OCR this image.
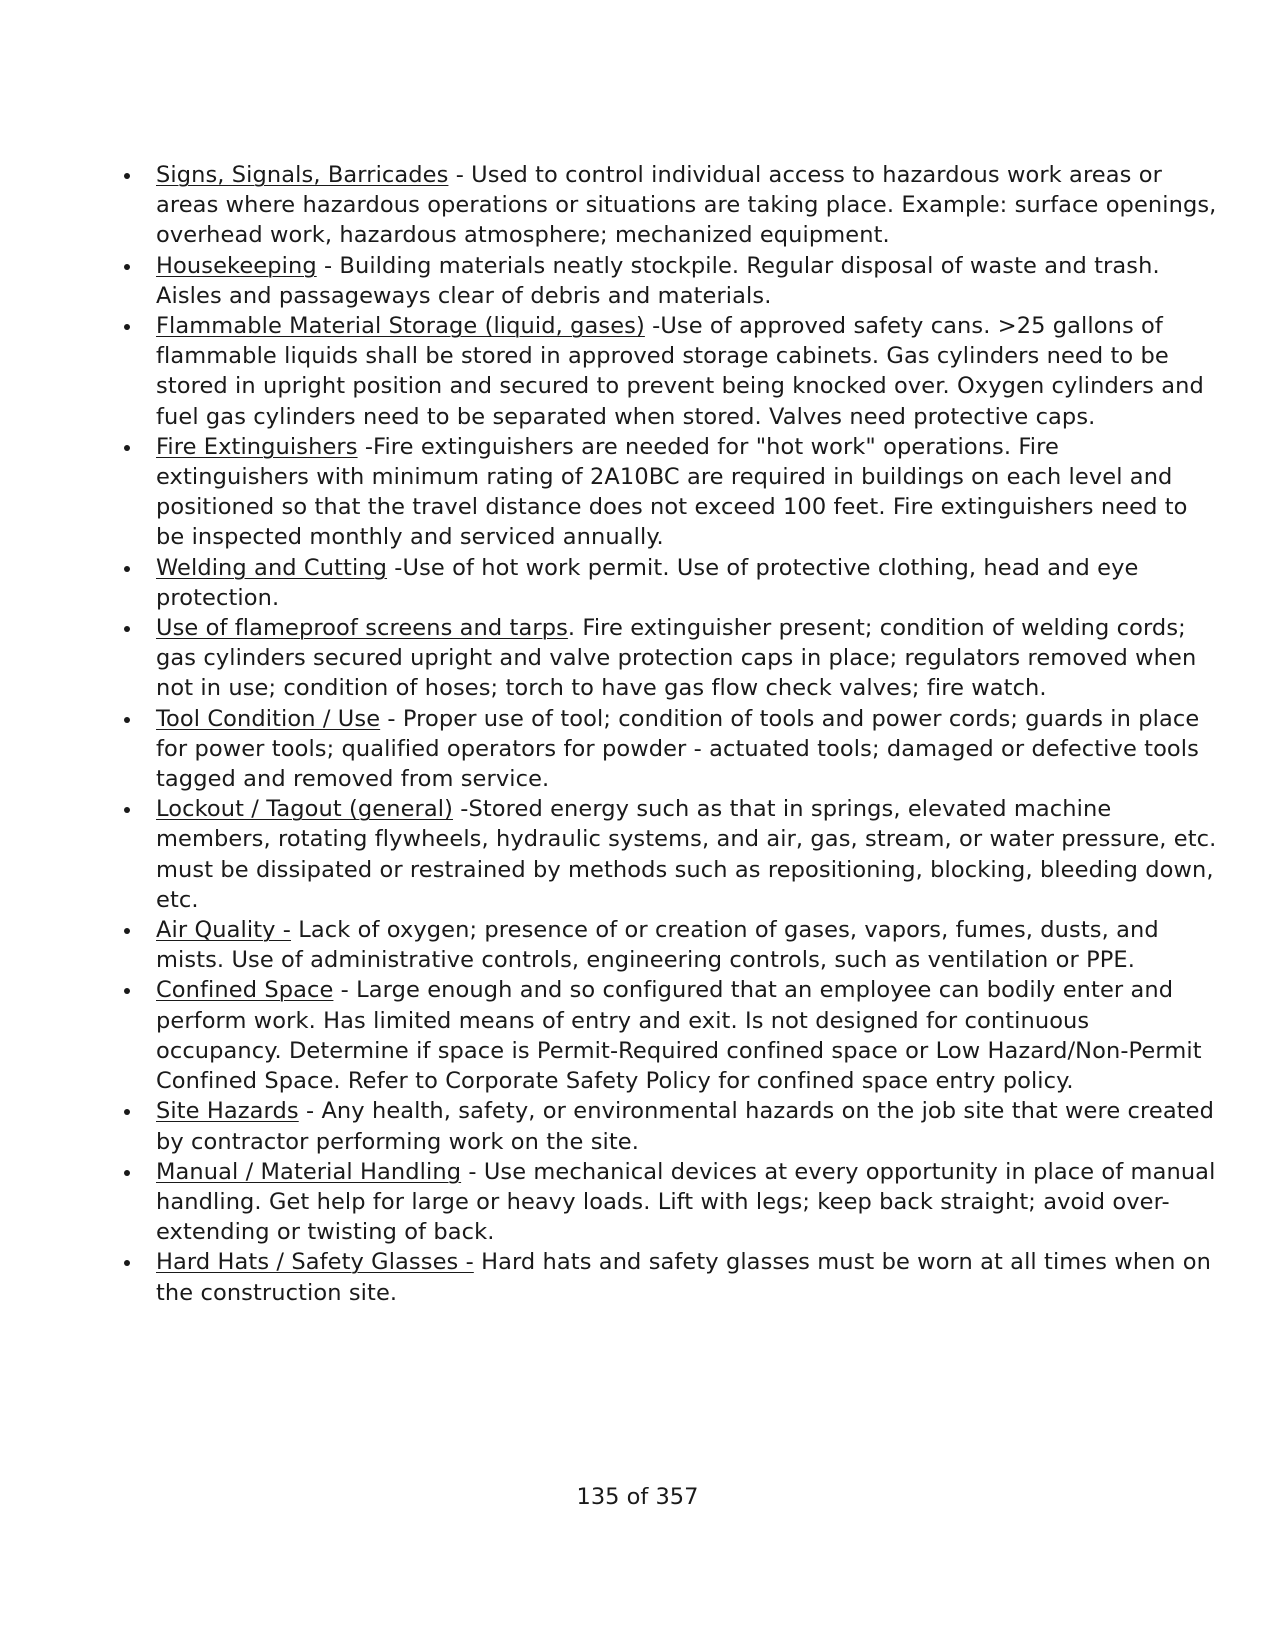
Signs, Signals, Barricades - Used to control individual access to hazardous work areas or areas where hazardous operations or situations are taking place. Example: surface openings, overhead work, hazardous atmosphere; mechanized equipment.
Housekeeping - Building materials neatly stockpile. Regular disposal of waste and trash. Aisles and passageways clear of debris and materials.
Flammable Material Storage (liquid, gases) -Use of approved safety cans. >25 gallons of flammable liquids shall be stored in approved storage cabinets. Gas cylinders need to be stored in upright position and secured to prevent being knocked over. Oxygen cylinders and fuel gas cylinders need to be separated when stored. Valves need protective caps.
Fire Extinguishers -Fire extinguishers are needed for "hot work" operations. Fire extinguishers with minimum rating of 2A10BC are required in buildings on each level and positioned so that the travel distance does not exceed 100 feet. Fire extinguishers need to be inspected monthly and serviced annually.
Welding and Cutting -Use of hot work permit. Use of protective clothing, head and eye protection.
Use of flameproof screens and tarps. Fire extinguisher present; condition of welding cords; gas cylinders secured upright and valve protection caps in place; regulators removed when not in use; condition of hoses; torch to have gas flow check valves; fire watch.
Tool Condition / Use - Proper use of tool; condition of tools and power cords; guards in place for power tools; qualified operators for powder - actuated tools; damaged or defective tools tagged and removed from service.
Lockout / Tagout (general) -Stored energy such as that in springs, elevated machine members, rotating flywheels, hydraulic systems, and air, gas, stream, or water pressure, etc. must be dissipated or restrained by methods such as repositioning, blocking, bleeding down, etc.
Air Quality - Lack of oxygen; presence of or creation of gases, vapors, fumes, dusts, and mists. Use of administrative controls, engineering controls, such as ventilation or PPE.
Confined Space - Large enough and so configured that an employee can bodily enter and perform work. Has limited means of entry and exit. Is not designed for continuous occupancy. Determine if space is Permit-Required confined space or Low Hazard/Non-Permit Confined Space. Refer to Corporate Safety Policy for confined space entry policy.
Site Hazards - Any health, safety, or environmental hazards on the job site that were created by contractor performing work on the site.
Manual / Material Handling - Use mechanical devices at every opportunity in place of manual handling. Get help for large or heavy loads. Lift with legs; keep back straight; avoid over-extending or twisting of back.
Hard Hats / Safety Glasses - Hard hats and safety glasses must be worn at all times when on the construction site.
135 of 357
